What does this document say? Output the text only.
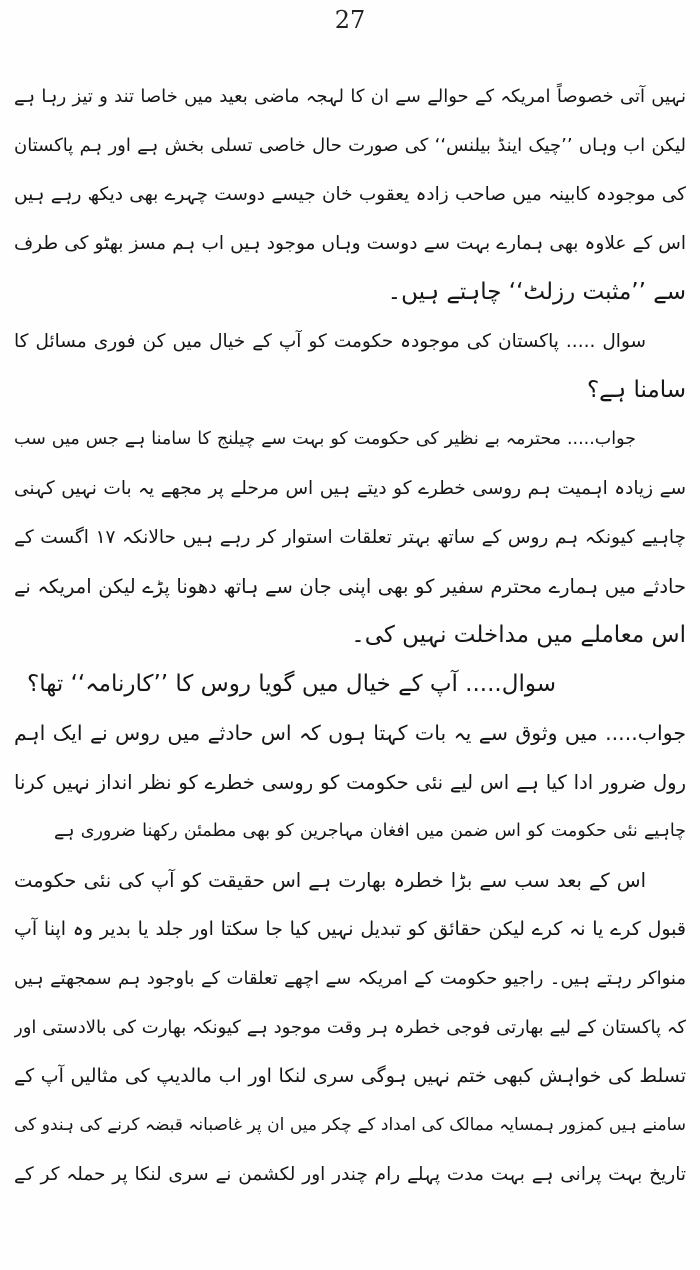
27
نہیں آتی خصوصاً امریکہ کے حوالے سے ان کا لہجہ ماضی بعید میں خاصا تند و تیز رہا ہے
لیکن اب وہاں ’’چیک اینڈ بیلنس‘‘ کی صورت حال خاصی تسلی بخش ہے اور ہم پاکستان
کی موجودہ کابینہ میں صاحب زادہ یعقوب خان جیسے دوست چہرے بھی دیکھ رہے ہیں
اس کے علاوہ بھی ہمارے بہت سے دوست وہاں موجود ہیں اب ہم مسز بھٹو کی طرف
سے ’’مثبت رزلٹ‘‘ چاہتے ہیں۔
سوال ..... پاکستان کی موجودہ حکومت کو آپ کے خیال میں کن فوری مسائل کا
سامنا ہے؟
جواب..... محترمہ بے نظیر کی حکومت کو بہت سے چیلنج کا سامنا ہے جس میں سب
سے زیادہ اہمیت ہم روسی خطرے کو دیتے ہیں اس مرحلے پر مجھے یہ بات نہیں کہنی
چاہیے کیونکہ ہم روس کے ساتھ بہتر تعلقات استوار کر رہے ہیں حالانکہ ١٧ اگست کے
حادثے میں ہمارے محترم سفیر کو بھی اپنی جان سے ہاتھ دھونا پڑے لیکن امریکہ نے
اس معاملے میں مداخلت نہیں کی۔
سوال..... آپ کے خیال میں گویا روس کا ’’کارنامہ‘‘ تھا؟
جواب..... میں وثوق سے یہ بات کہتا ہوں کہ اس حادثے میں روس نے ایک اہم
رول ضرور ادا کیا ہے اس لیے نئی حکومت کو روسی خطرے کو نظر انداز نہیں کرنا
چاہیے نئی حکومت کو اس ضمن میں افغان مہاجرین کو بھی مطمئن رکھنا ضروری ہے
اس کے بعد سب سے بڑا خطرہ بھارت ہے اس حقیقت کو آپ کی نئی حکومت
قبول کرے یا نہ کرے لیکن حقائق کو تبدیل نہیں کیا جا سکتا اور جلد یا بدیر وہ اپنا آپ
منواکر رہتے ہیں۔ راجیو حکومت کے امریکہ سے اچھے تعلقات کے باوجود ہم سمجھتے ہیں
کہ پاکستان کے لیے بھارتی فوجی خطرہ ہر وقت موجود ہے کیونکہ بھارت کی بالادستی اور
تسلط کی خواہش کبھی ختم نہیں ہوگی سری لنکا اور اب مالدیپ کی مثالیں آپ کے
سامنے ہیں کمزور ہمسایہ ممالک کی امداد کے چکر میں ان پر غاصبانہ قبضہ کرنے کی ہندو کی
تاریخ بہت پرانی ہے بہت مدت پہلے رام چندر اور لکشمن نے سری لنکا پر حملہ کر کے
